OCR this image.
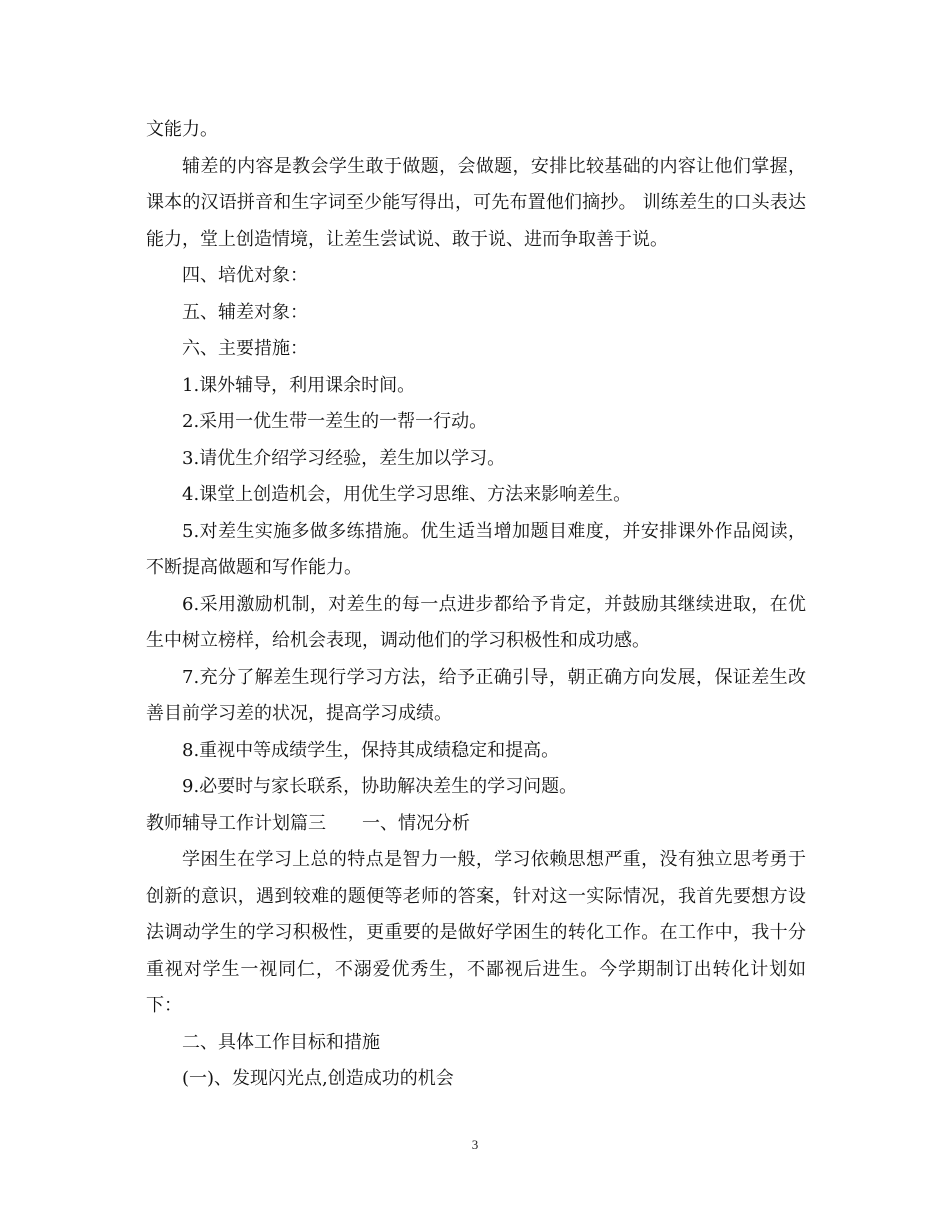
文能力。

辅差的内容是教会学生敢于做题，会做题，安排比较基础的内容让他们掌握，课本的汉语拼音和生字词至少能写得出，可先布置他们摘抄。 训练差生的口头表达能力，堂上创造情境，让差生尝试说、敢于说、进而争取善于说。

四、培优对象：

五、辅差对象：

六、主要措施：

1.课外辅导，利用课余时间。

2.采用一优生带一差生的一帮一行动。

3.请优生介绍学习经验，差生加以学习。

4.课堂上创造机会，用优生学习思维、方法来影响差生。

5.对差生实施多做多练措施。优生适当增加题目难度，并安排课外作品阅读，不断提高做题和写作能力。

6.采用激励机制，对差生的每一点进步都给予肯定，并鼓励其继续进取，在优生中树立榜样，给机会表现，调动他们的学习积极性和成功感。

7.充分了解差生现行学习方法，给予正确引导，朝正确方向发展，保证差生改善目前学习差的状况，提高学习成绩。

8.重视中等成绩学生，保持其成绩稳定和提高。

9.必要时与家长联系，协助解决差生的学习问题。

教师辅导工作计划篇三　　一、情况分析

学困生在学习上总的特点是智力一般，学习依赖思想严重，没有独立思考勇于创新的意识，遇到较难的题便等老师的答案，针对这一实际情况，我首先要想方设法调动学生的学习积极性，更重要的是做好学困生的转化工作。在工作中，我十分重视对学生一视同仁，不溺爱优秀生，不鄙视后进生。今学期制订出转化计划如下：

二、具体工作目标和措施

(一)、发现闪光点,创造成功的机会

3
